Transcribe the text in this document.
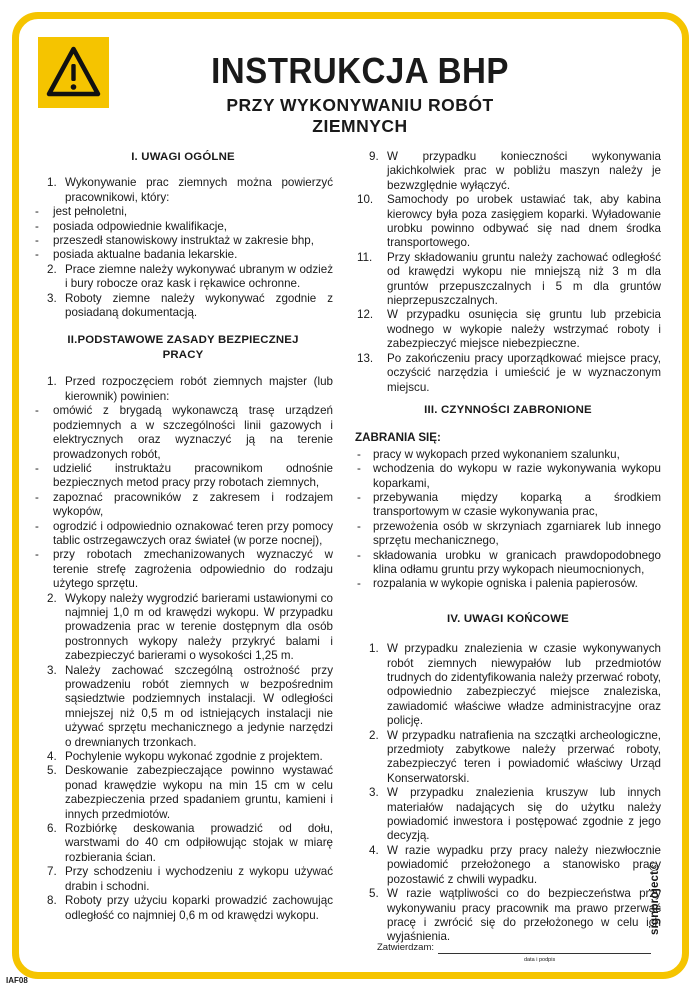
INSTRUKCJA BHP
PRZY WYKONYWANIU ROBÓT ZIEMNYCH
I. UWAGI OGÓLNE
1. Wykonywanie prac ziemnych można powierzyć pracownikowi, który:
- jest pełnoletni,
- posiada odpowiednie kwalifikacje,
- przeszedł stanowiskowy instruktaż w zakresie bhp,
- posiada aktualne badania lekarskie.
2. Prace ziemne należy wykonywać ubranym w odzież i bury robocze oraz kask i rękawice ochronne.
3. Roboty ziemne należy wykonywać zgodnie z posiadaną dokumentacją.
II.PODSTAWOWE ZASADY BEZPIECZNEJ
PRACY
1. Przed rozpoczęciem robót ziemnych majster (lub kierownik) powinien:
- omówić z brygadą wykonawczą trasę urządzeń podziemnych a w szczególności linii gazowych i elektrycznych oraz wyznaczyć ją na terenie prowadzonych robót,
- udzielić instruktażu pracownikom odnośnie bezpiecznych metod pracy przy robotach ziemnych,
- zapoznać pracowników z zakresem i rodzajem wykopów,
- ogrodzić i odpowiednio oznakować teren przy pomocy tablic ostrzegawczych oraz świateł (w porze nocnej),
- przy robotach zmechanizowanych wyznaczyć w terenie strefę zagrożenia odpowiednio do rodzaju użytego sprzętu.
2. Wykopy należy wygrodzić barierami ustawionymi co najmniej 1,0 m od krawędzi wykopu. W przypadku prowadzenia prac w terenie dostępnym dla osób postronnych wykopy należy przykryć balami i zabezpieczyć barierami o wysokości 1,25 m.
3. Należy zachować szczególną ostrożność przy prowadzeniu robót ziemnych w bezpośrednim sąsiedztwie podziemnych instalacji. W odległości mniejszej niż 0,5 m od istniejących instalacji nie używać sprzętu mechanicznego a jedynie narzędzi o drewnianych trzonkach.
4. Pochylenie wykopu wykonać zgodnie z projektem.
5. Deskowanie zabezpieczające powinno wystawać ponad krawędzie wykopu na min 15 cm w celu zabezpieczenia przed spadaniem gruntu, kamieni i innych przedmiotów.
6. Rozbiórkę deskowania prowadzić od dołu, warstwami do 40 cm odpiłowując stojak w miarę rozbierania ścian.
7. Przy schodzeniu i wychodzeniu z wykopu używać drabin i schodni.
8. Roboty przy użyciu koparki prowadzić zachowując odległość co najmniej 0,6 m od krawędzi wykopu.
9. W przypadku konieczności wykonywania jakichkolwiek prac w pobliżu maszyn należy je bezwzględnie wyłączyć.
10. Samochody po urobek ustawiać tak, aby kabina kierowcy była poza zasięgiem koparki. Wyładowanie urobku powinno odbywać się nad dnem środka transportowego.
11. Przy składowaniu gruntu należy zachować odległość od krawędzi wykopu nie mniejszą niż 3 m dla gruntów przepuszczalnych i 5 m dla gruntów nieprzepuszczalnych.
12. W przypadku osunięcia się gruntu lub przebicia wodnego w wykopie należy wstrzymać roboty i zabezpieczyć miejsce niebezpieczne.
13. Po zakończeniu pracy uporządkować miejsce pracy, oczyścić narzędzia i umieścić je w wyznaczonym miejscu.
III. CZYNNOŚCI ZABRONIONE
ZABRANIA SIĘ:
- pracy w wykopach przed wykonaniem szalunku,
- wchodzenia do wykopu w razie wykonywania wykopu koparkami,
- przebywania między koparką a środkiem transportowym w czasie wykonywania prac,
- przewożenia osób w skrzyniach zgarniarek lub innego sprzętu mechanicznego,
- składowania urobku w granicach prawdopodobnego klina odłamu gruntu przy wykopach nieumocnionych,
- rozpalania w wykopie ogniska i palenia papierosów.
IV. UWAGI KOŃCOWE
1. W przypadku znalezienia w czasie wykonywanych robót ziemnych niewypałów lub przedmiotów trudnych do zidentyfikowania należy przerwać roboty, odpowiednio zabezpieczyć miejsce znaleziska, zawiadomić właściwe władze administracyjne oraz policję.
2. W przypadku natrafienia na szczątki archeologiczne, przedmioty zabytkowe należy przerwać roboty, zabezpieczyć teren i powiadomić właściwy Urząd Konserwatorski.
3. W przypadku znalezienia kruszyw lub innych materiałów nadających się do użytku należy powiadomić inwestora i postępować zgodnie z jego decyzją.
4. W razie wypadku przy pracy należy niezwłocznie powiadomić przełożonego a stanowisko pracy pozostawić z chwili wypadku.
5. W razie wątpliwości co do bezpieczeństwa przy wykonywaniu pracy pracownik ma prawo przerwać pracę i zwrócić się do przełożonego w celu ich wyjaśnienia.
signproject©
Zatwierdzam:
data i podpis
IAF08
